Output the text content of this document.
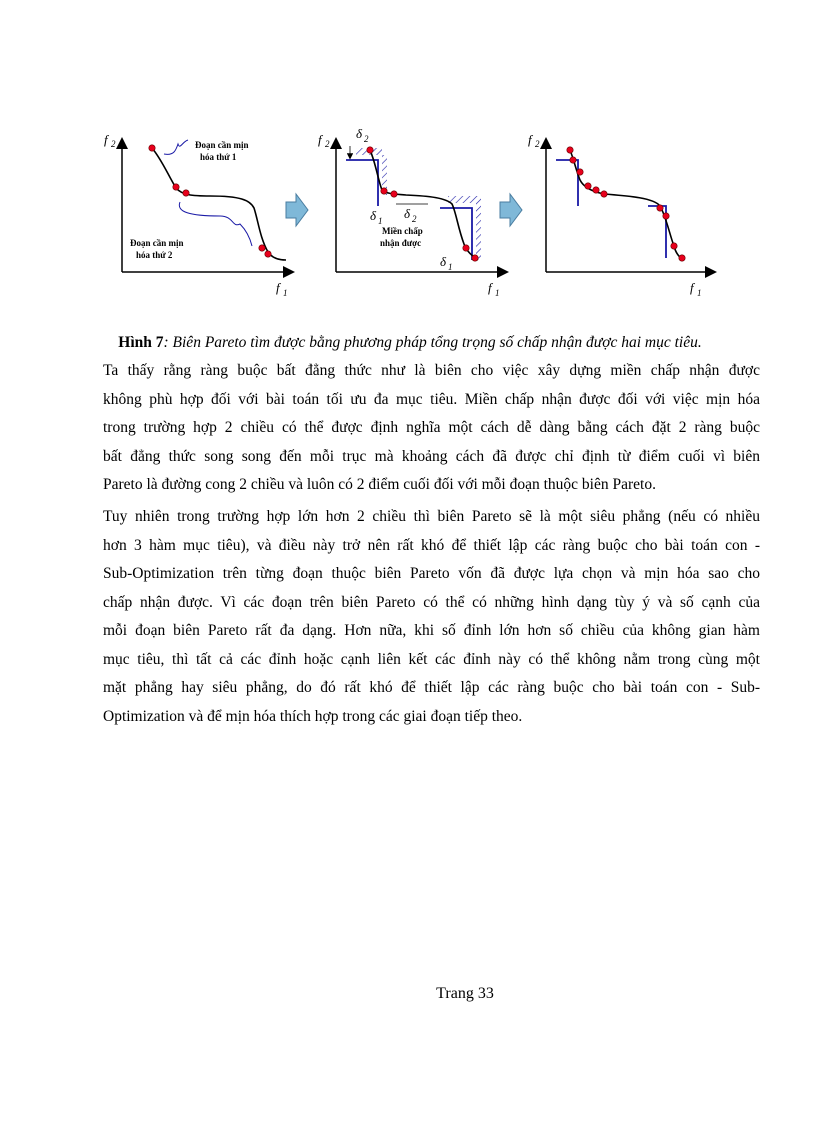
f 2
f 1
Đoạn cần mịn hóa thứ 1
Đoạn cần mịn hóa thứ 2
f 2
f 1
δ 2
δ 1 δ 2
δ 1
Miền chấp nhận được
f 2
f 1
Hình 7: Biên Pareto tìm được bằng phương pháp tổng trọng số chấp nhận được hai mục tiêu.
Ta thấy rằng ràng buộc bất đẳng thức như là biên cho việc xây dựng miền chấp nhận được
không phù hợp đối với bài toán tối ưu đa mục tiêu. Miền chấp nhận được đối với việc mịn hóa
trong trường hợp 2 chiều có thể được định nghĩa một cách dễ dàng bằng cách đặt 2 ràng buộc
bất đẳng thức song song đến mỗi trục mà khoảng cách đã được chỉ định từ điểm cuối vì biên
Pareto là đường cong 2 chiều và luôn có 2 điểm cuối đối với mỗi đoạn thuộc biên Pareto.
Tuy nhiên trong trường hợp lớn hơn 2 chiều thì biên Pareto sẽ là một siêu phẳng (nếu có nhiều
hơn 3 hàm mục tiêu), và điều này trở nên rất khó để thiết lập các ràng buộc cho bài toán con -
Sub-Optimization trên từng đoạn thuộc biên Pareto vốn đã được lựa chọn và mịn hóa sao cho
chấp nhận được. Vì các đoạn trên biên Pareto có thể có những hình dạng tùy ý và số cạnh của
mỗi đoạn biên Pareto rất đa dạng. Hơn nữa, khi số đỉnh lớn hơn số chiều của không gian hàm
mục tiêu, thì tất cả các đỉnh hoặc cạnh liên kết các đỉnh này có thể không nằm trong cùng một
mặt phẳng hay siêu phẳng, do đó rất khó để thiết lập các ràng buộc cho bài toán con - Sub-
Optimization và để mịn hóa thích hợp trong các giai đoạn tiếp theo.
Trang 33
